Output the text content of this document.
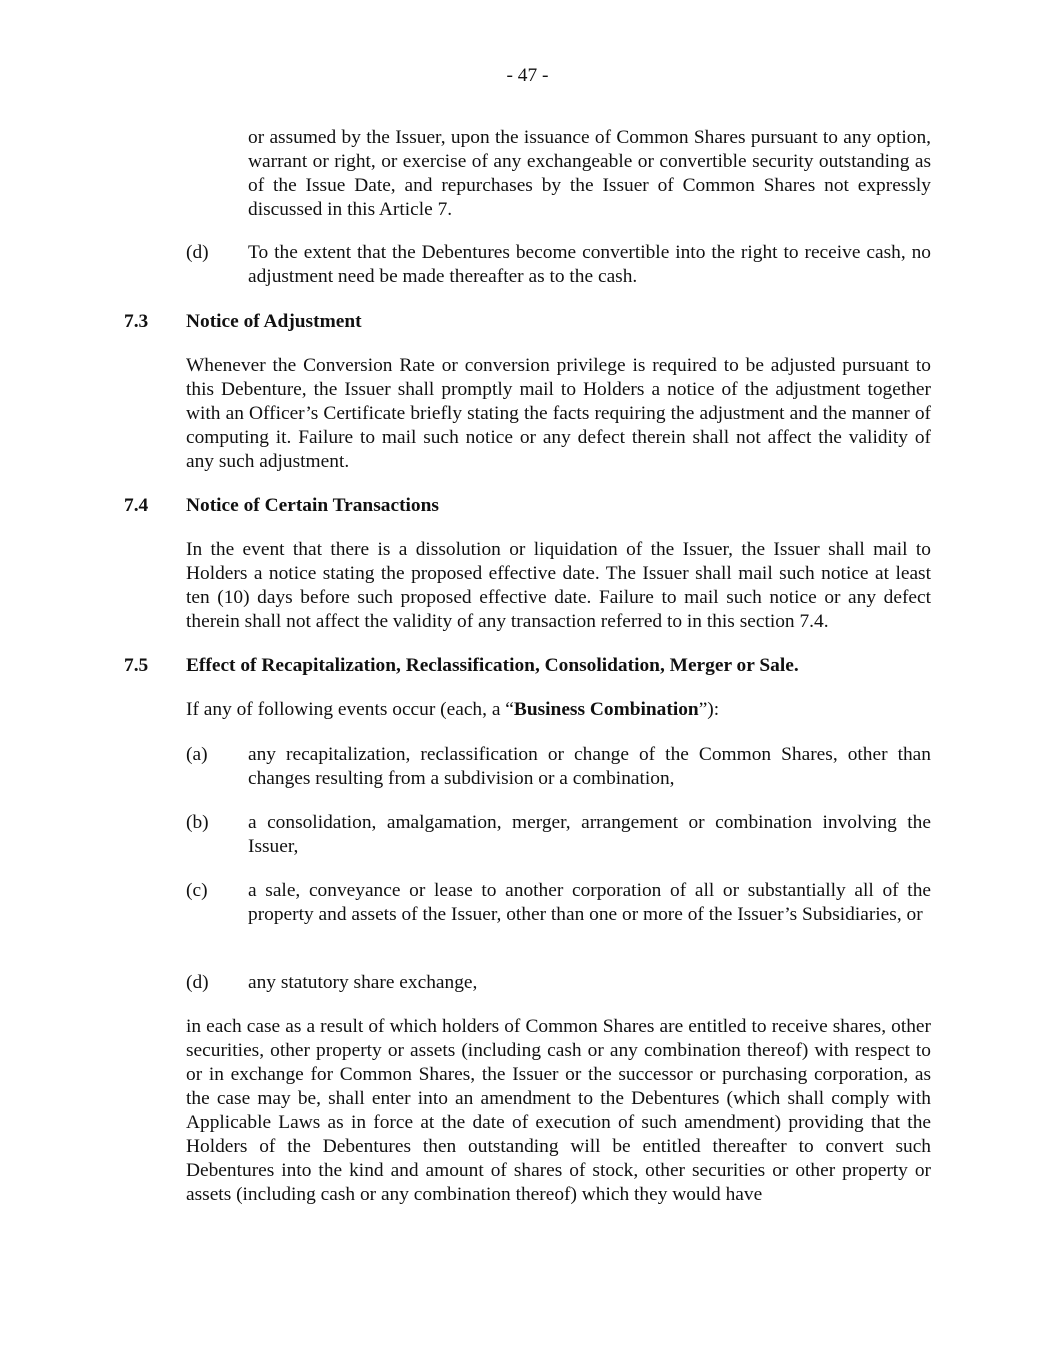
- 47 -

or assumed by the Issuer, upon the issuance of Common Shares pursuant to any option, warrant or right, or exercise of any exchangeable or convertible security outstanding as of the Issue Date, and repurchases by the Issuer of Common Shares not expressly discussed in this Article 7.

(d) To the extent that the Debentures become convertible into the right to receive cash, no adjustment need be made thereafter as to the cash.

7.3 Notice of Adjustment

Whenever the Conversion Rate or conversion privilege is required to be adjusted pursuant to this Debenture, the Issuer shall promptly mail to Holders a notice of the adjustment together with an Officer’s Certificate briefly stating the facts requiring the adjustment and the manner of computing it. Failure to mail such notice or any defect therein shall not affect the validity of any such adjustment.

7.4 Notice of Certain Transactions

In the event that there is a dissolution or liquidation of the Issuer, the Issuer shall mail to Holders a notice stating the proposed effective date. The Issuer shall mail such notice at least ten (10) days before such proposed effective date. Failure to mail such notice or any defect therein shall not affect the validity of any transaction referred to in this section 7.4.

7.5 Effect of Recapitalization, Reclassification, Consolidation, Merger or Sale.

If any of following events occur (each, a “Business Combination”):

(a) any recapitalization, reclassification or change of the Common Shares, other than changes resulting from a subdivision or a combination,

(b) a consolidation, amalgamation, merger, arrangement or combination involving the Issuer,

(c) a sale, conveyance or lease to another corporation of all or substantially all of the property and assets of the Issuer, other than one or more of the Issuer’s Subsidiaries, or

(d) any statutory share exchange,

in each case as a result of which holders of Common Shares are entitled to receive shares, other securities, other property or assets (including cash or any combination thereof) with respect to or in exchange for Common Shares, the Issuer or the successor or purchasing corporation, as the case may be, shall enter into an amendment to the Debentures (which shall comply with Applicable Laws as in force at the date of execution of such amendment) providing that the Holders of the Debentures then outstanding will be entitled thereafter to convert such Debentures into the kind and amount of shares of stock, other securities or other property or assets (including cash or any combination thereof) which they would have
